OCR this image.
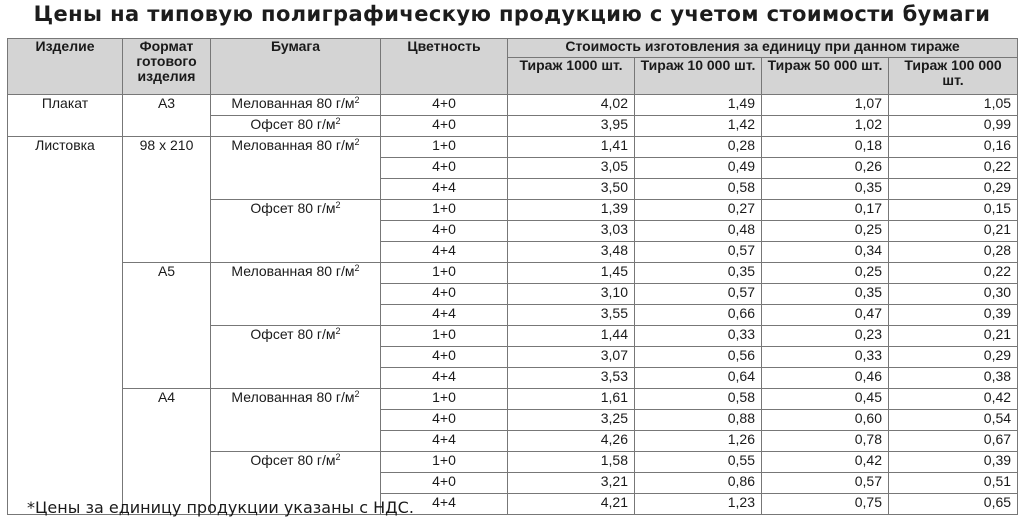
Цены на типовую полиграфическую продукцию с учетом стоимости бумаги
Изделие	Формат готового изделия	Бумага	Цветность	Стоимость изготовления за единицу при данном тираже			
				Тираж 1000 шт.	Тираж 10 000 шт.	Тираж 50 000 шт.	Тираж 100 000 шт.
Плакат	А3	Мелованная 80 $г/м^2$	4+0	4,02	1,49	1,07	1,05
		Офсет 80 $г/м^2$	4+0	3,95	1,42	1,02	0,99
Листовка	98 x 210	Мелованная 80 $г/м^2$	1+0	1,41	0,28	0,18	0,16
			4+0	3,05	0,49	0,26	0,22
			4+4	3,50	0,58	0,35	0,29
		Офсет 80 $г/м^2$	1+0	1,39	0,27	0,17	0,15
			4+0	3,03	0,48	0,25	0,21
			4+4	3,48	0,57	0,34	0,28
	А5	Мелованная 80 $г/м^2$	1+0	1,45	0,35	0,25	0,22
			4+0	3,10	0,57	0,35	0,30
			4+4	3,55	0,66	0,47	0,39
		Офсет 80 $г/м^2$	1+0	1,44	0,33	0,23	0,21
			4+0	3,07	0,56	0,33	0,29
			4+4	3,53	0,64	0,46	0,38
	А4	Мелованная 80 $г/м^2$	1+0	1,61	0,58	0,45	0,42
			4+0	3,25	0,88	0,60	0,54
			4+4	4,26	1,26	0,78	0,67
		Офсет 80 $г/м^2$	1+0	1,58	0,55	0,42	0,39
			4+0	3,21	0,86	0,57	0,51
			4+4	4,21	1,23	0,75	0,65
*Цены за единицу продукции указаны с НДС.
